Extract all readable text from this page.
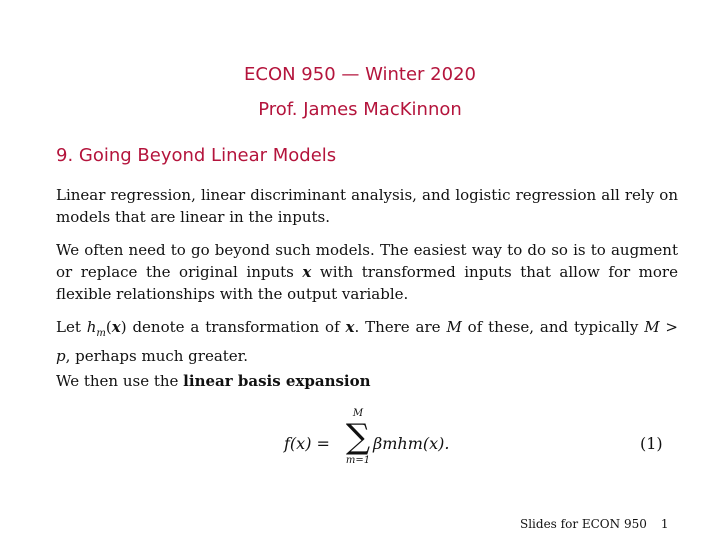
ECON 950 — Winter 2020
Prof. James MacKinnon
9. Going Beyond Linear Models
Linear regression, linear discriminant analysis, and logistic regression all rely on models that are linear in the inputs.
We often need to go beyond such models. The easiest way to do so is to augment or replace the original inputs x with transformed inputs that allow for more flexible relationships with the output variable.
Let $h_m(x)$ denote a transformation of x. There are M of these, and typically M > p, perhaps much greater.
We then use the linear basis expansion
f(x) =
M
∑
m=1
βmhm(x).	(1)
Slides for ECON 950 1
